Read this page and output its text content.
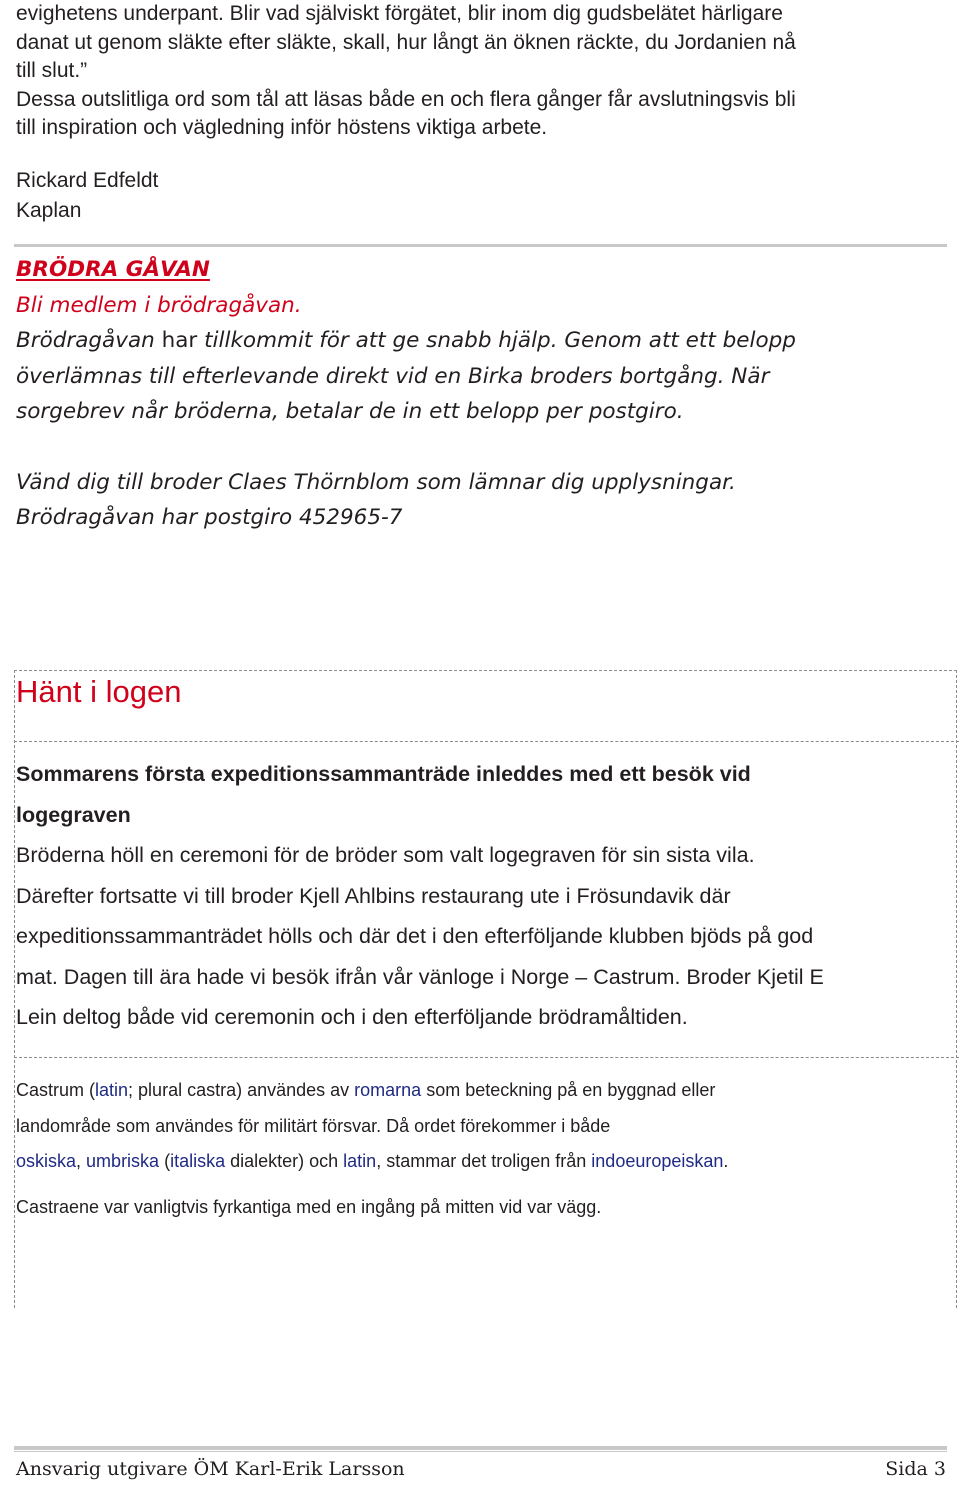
evighetens underpant. Blir vad själviskt förgätet, blir inom dig gudsbelätet härligare

danat ut genom släkte efter släkte, skall, hur långt än öknen räckte, du Jordanien nå

till slut.”

Dessa outslitliga ord som tål att läsas både en och flera gånger får avslutningsvis bli

till inspiration och vägledning inför höstens viktiga arbete.

Rickard Edfeldt
Kaplan
BRÖDRA GÅVAN
Bli medlem i brödragåvan.
Brödragåvan har tillkommit för att ge snabb hjälp. Genom att ett belopp
överlämnas till efterlevande direkt vid en Birka broders bortgång. När
sorgebrev når bröderna, betalar de in ett belopp per postgiro.
Vänd dig till broder Claes Thörnblom som lämnar dig upplysningar.
Brödragåvan har postgiro 452965-7
Hänt i logen
Sommarens första expeditionssammanträde inleddes med ett besök vid
logegraven
Bröderna höll en ceremoni för de bröder som valt logegraven för sin sista vila.
Därefter fortsatte vi till broder Kjell Ahlbins restaurang ute i Frösundavik där
expeditionssammanträdet hölls och där det i den efterföljande klubben bjöds på god
mat. Dagen till ära hade vi besök ifrån vår vänloge i Norge – Castrum. Broder Kjetil E
Lein deltog både vid ceremonin och i den efterföljande brödramåltiden.
Castrum (latin; plural castra) användes av romarna som beteckning på en byggnad eller
landområde som användes för militärt försvar. Då ordet förekommer i både
oskiska, umbriska (italiska dialekter) och latin, stammar det troligen från indoeuropeiskan.
Castraene var vanligtvis fyrkantiga med en ingång på mitten vid var vägg.
Ansvarig utgivare ÖM Karl-Erik Larsson	Sida 3
